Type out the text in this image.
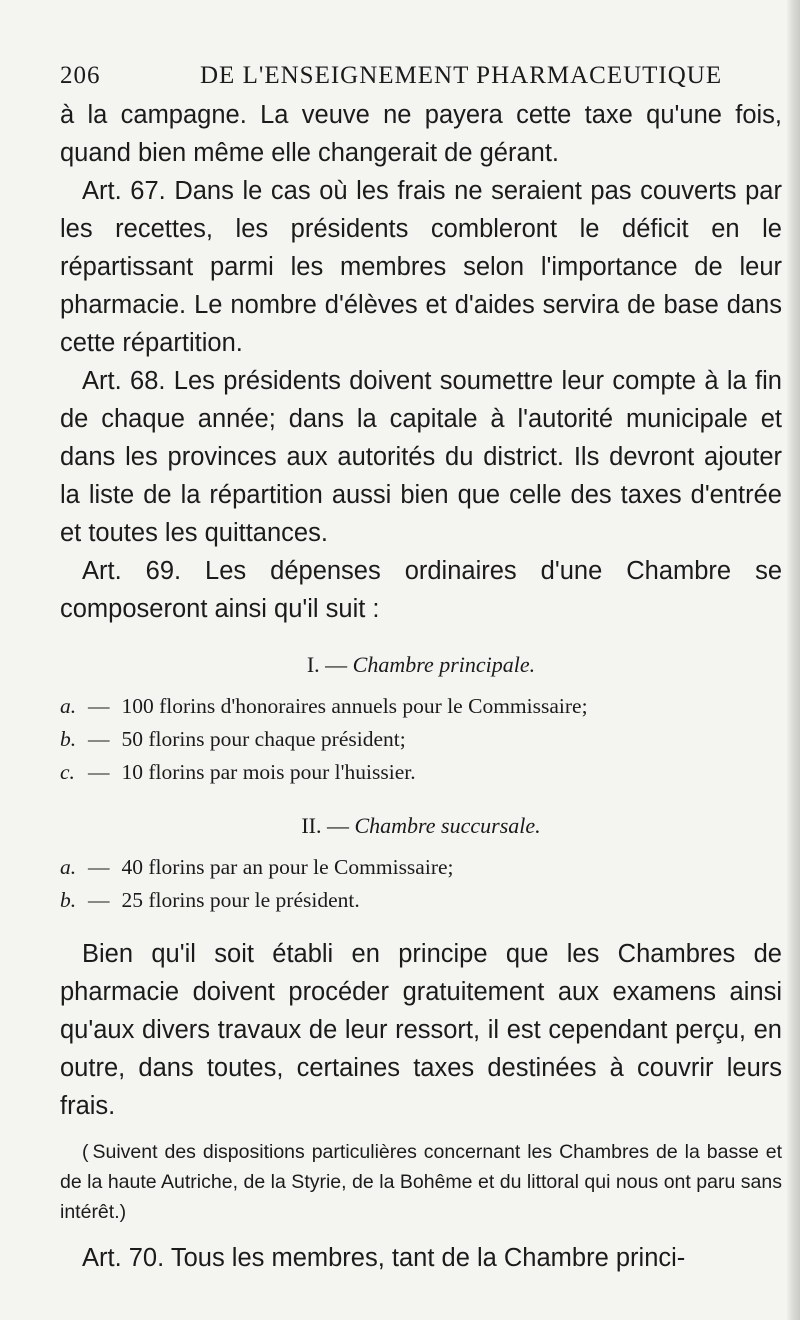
206	DE L'ENSEIGNEMENT PHARMACEUTIQUE

à la campagne. La veuve ne payera cette taxe qu'une fois, quand bien même elle changerait de gérant.

Art. 67. Dans le cas où les frais ne seraient pas couverts par les recettes, les présidents combleront le déficit en le répartissant parmi les membres selon l'importance de leur pharmacie. Le nombre d'élèves et d'aides servira de base dans cette répartition.

Art. 68. Les présidents doivent soumettre leur compte à la fin de chaque année; dans la capitale à l'autorité municipale et dans les provinces aux autorités du district. Ils devront ajouter la liste de la répartition aussi bien que celle des taxes d'entrée et toutes les quittances.

Art. 69. Les dépenses ordinaires d'une Chambre se composeront ainsi qu'il suit :

I. — Chambre principale.
a. — 100 florins d'honoraires annuels pour le Commissaire;
b. — 50 florins pour chaque président;
c. — 10 florins par mois pour l'huissier.
II. — Chambre succursale.
a. — 40 florins par an pour le Commissaire;
b. — 25 florins pour le président.

Bien qu'il soit établi en principe que les Chambres de pharmacie doivent procéder gratuitement aux examens ainsi qu'aux divers travaux de leur ressort, il est cependant perçu, en outre, dans toutes, certaines taxes destinées à couvrir leurs frais.

( Suivent des dispositions particulières concernant les Chambres de la basse et de la haute Autriche, de la Styrie, de la Bohême et du littoral qui nous ont paru sans intérêt.)

Art. 70. Tous les membres, tant de la Chambre princi-
